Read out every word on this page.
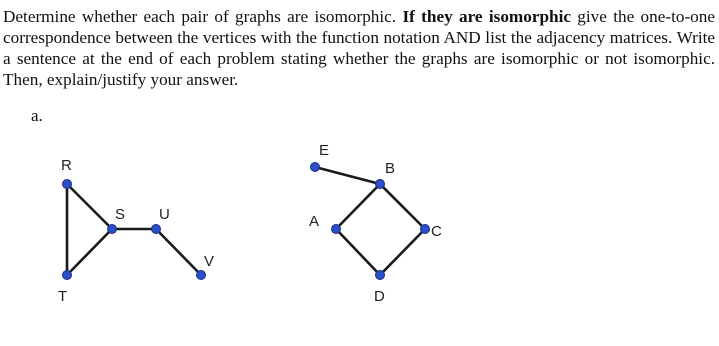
Determine whether each pair of graphs are isomorphic. If they are isomorphic give the one-to-one correspondence between the vertices with the function notation AND list the adjacency matrices. Write a sentence at the end of each problem stating whether the graphs are isomorphic or not isomorphic. Then, explain/justify your answer.

a.
R
T
S U
V
E
B
A
C
D
